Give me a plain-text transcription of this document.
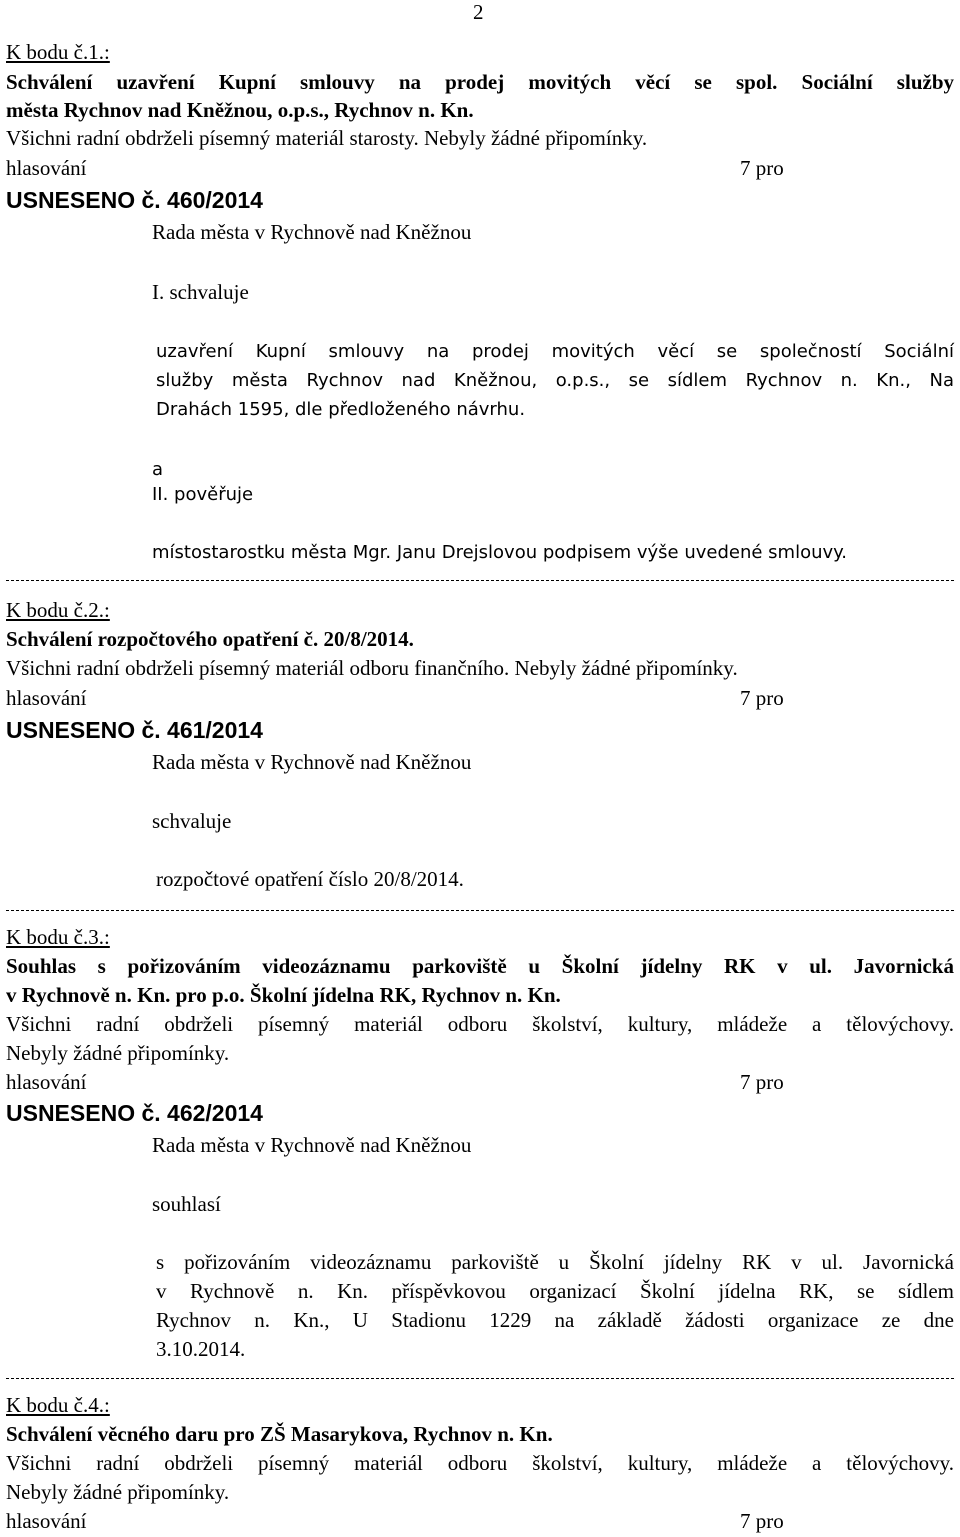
2
K bodu č.1.:
Schválení uzavření Kupní smlouvy na prodej movitých věcí se spol. Sociální služby
města Rychnov nad Kněžnou, o.p.s., Rychnov n. Kn.
Všichni radní obdrželi písemný materiál starosty. Nebyly žádné připomínky.
hlasování	7 pro
USNESENO č. 460/2014
Rada města v Rychnově nad Kněžnou
I. schvaluje
uzavření Kupní smlouvy na prodej movitých věcí se společností Sociální
služby města Rychnov nad Kněžnou, o.p.s., se sídlem Rychnov n. Kn., Na
Drahách 1595, dle předloženého návrhu.
a
II. pověřuje
místostarostku města Mgr. Janu Drejslovou podpisem výše uvedené smlouvy.
K bodu č.2.:
Schválení rozpočtového opatření č. 20/8/2014.
Všichni radní obdrželi písemný materiál odboru finančního. Nebyly žádné připomínky.
hlasování	7 pro
USNESENO č. 461/2014
Rada města v Rychnově nad Kněžnou
schvaluje
rozpočtové opatření číslo 20/8/2014.
K bodu č.3.:
Souhlas s pořizováním videozáznamu parkoviště u Školní jídelny RK v ul. Javornická
v Rychnově n. Kn. pro p.o. Školní jídelna RK, Rychnov n. Kn.
Všichni radní obdrželi písemný materiál odboru školství, kultury, mládeže a tělovýchovy.
Nebyly žádné připomínky.
hlasování	7 pro
USNESENO č. 462/2014
Rada města v Rychnově nad Kněžnou
souhlasí
s pořizováním videozáznamu parkoviště u Školní jídelny RK v ul. Javornická
v Rychnově n. Kn. příspěvkovou organizací Školní jídelna RK, se sídlem
Rychnov n. Kn., U Stadionu 1229 na základě žádosti organizace ze dne
3.10.2014.
K bodu č.4.:
Schválení věcného daru pro ZŠ Masarykova, Rychnov n. Kn.
Všichni radní obdrželi písemný materiál odboru školství, kultury, mládeže a tělovýchovy.
Nebyly žádné připomínky.
hlasování	7 pro
